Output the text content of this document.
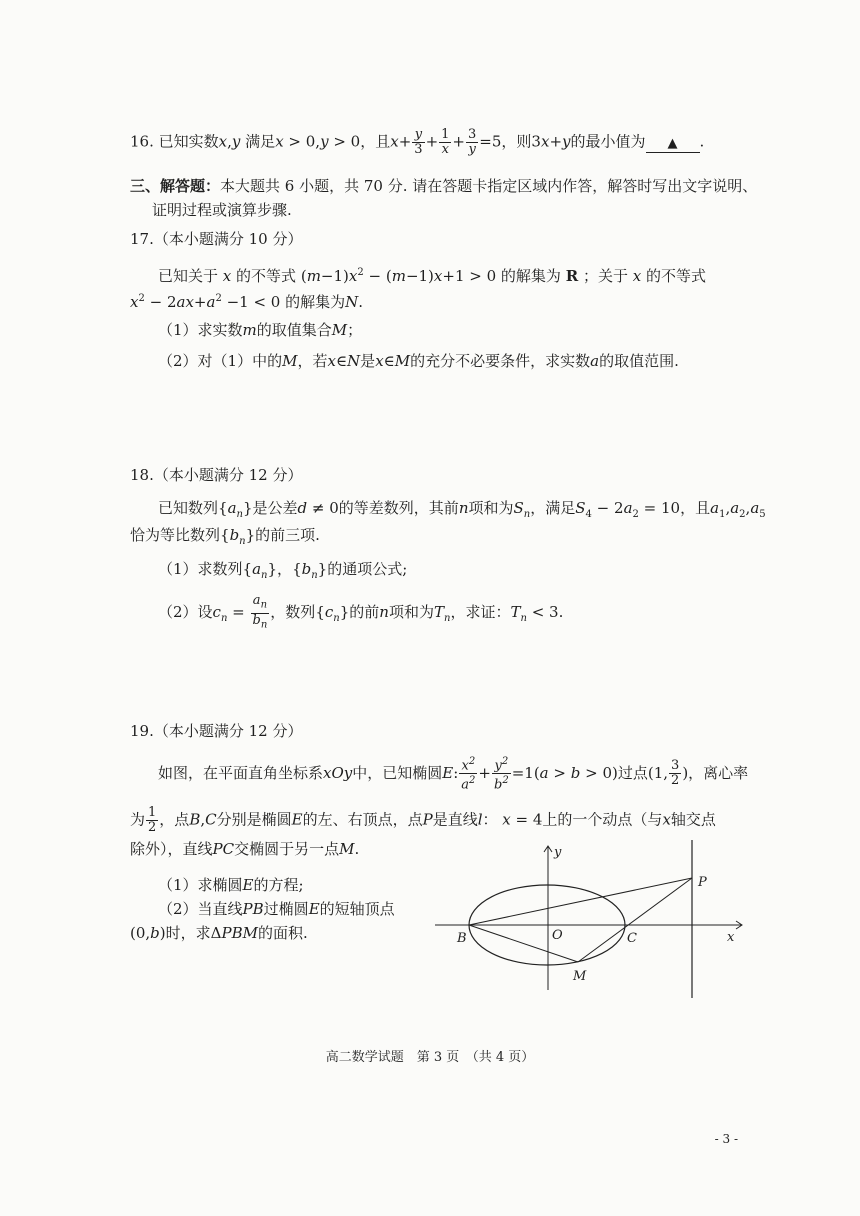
16. 已知实数x,y 满足x > 0,y > 0，且$x+ \frac{y}{3} + \frac{1}{x} + \frac{3}{y} =5$，则3x+y的最小值为 ▲ .
三、解答题：本大题共 6 小题，共 70 分. 请在答题卡指定区域内作答，解答时写出文字说明、
证明过程或演算步骤.
17.（本小题满分 10 分）
已知关于 x 的不等式 $(m-1)x^2 - (m-1)x+1 > 0$ 的解集为 R ；关于 x 的不等式
$x^2 - 2ax+a^2 -1 < 0$ 的解集为N.
（1）求实数m的取值集合M；
（2）对（1）中的M，若x∈N是x∈M的充分不必要条件，求实数a的取值范围.
18.（本小题满分 12 分）
已知数列$\{a_n\}$是公差d ≠ 0的等差数列，其前n项和为$S_n$，满足$S_4 - 2a_2 = 10$，且$a_1,a_2,a_5$
恰为等比数列$\{b_n\}$的前三项.
（1）求数列$\{a_n\}$，$\{b_n\}$的通项公式;
（2）设$c_n = \frac{a_n}{b_n}$ ，数列$\{c_n\}$的前n项和为$T_n$，求证：$T_n < 3$.
19.（本小题满分 12 分）
如图，在平面直角坐标系xOy中，已知椭圆E: $\frac{x^2}{a^2} + \frac{y^2}{b^2} =1(a > b > 0)$过点(1, $\frac{3}{2}$ )，离心率
为 $\frac{1}{2}$ ，点B,C分别是椭圆E的左、右顶点，点P是直线l： x = 4上的一个动点（与x轴交点
除外），直线PC交椭圆于另一点M.
（1）求椭圆E的方程;
（2）当直线PB过椭圆E的短轴顶点
(0,b)时，求ΔPBM的面积.
y
x
O
B	C
P
M
高二数学试题　第 3 页　（共 4 页）
- 3 -
